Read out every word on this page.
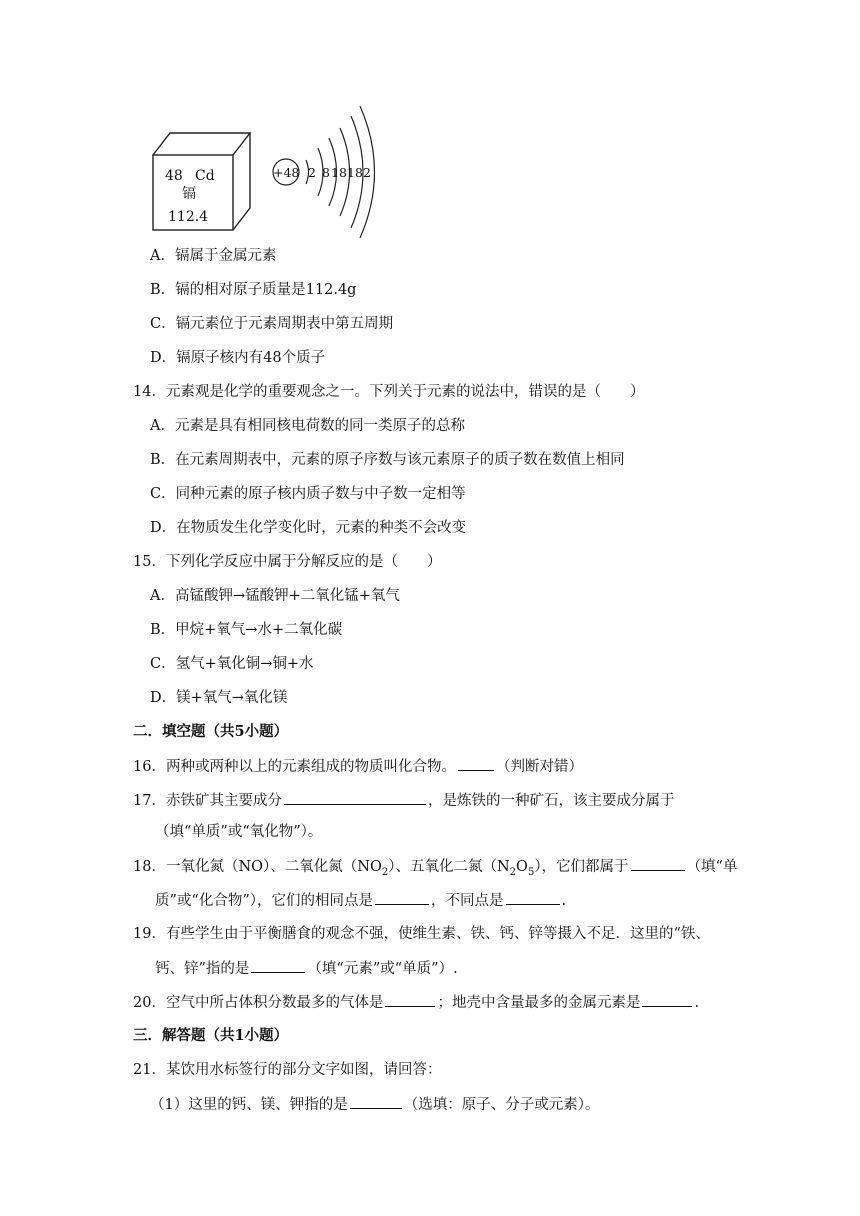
48 Cd
镉
112.4
+48 2 8 18 18 2
A．镉属于金属元素
B．镉的相对原子质量是112.4g
C．镉元素位于元素周期表中第五周期
D．镉原子核内有48个质子
14．元素观是化学的重要观念之一。下列关于元素的说法中，错误的是（　　）
A．元素是具有相同核电荷数的同一类原子的总称
B．在元素周期表中，元素的原子序数与该元素原子的质子数在数值上相同
C．同种元素的原子核内质子数与中子数一定相等
D．在物质发生化学变化时，元素的种类不会改变
15．下列化学反应中属于分解反应的是（　　）
A．高锰酸钾→锰酸钾+二氧化锰+氧气
B．甲烷+氧气→水+二氧化碳
C．氢气+氧化铜→铜+水
D．镁+氧气→氧化镁
二．填空题（共5小题）
16．两种或两种以上的元素组成的物质叫化合物。	（判断对错）
17．赤铁矿其主要成分	，是炼铁的一种矿石，该主要成分属于
（填“单质”或“氧化物”）。
18．一氧化氮（NO）、二氧化氮$(NO_2)$、五氧化二氮$(N_2O_5)$，它们都属于	（填“单
质”或“化合物”），它们的相同点是	，不同点是	.
19．有些学生由于平衡膳食的观念不强，使维生素、铁、钙、锌等摄入不足．这里的“铁、
钙、锌”指的是	（填“元素”或“单质”）.
20．空气中所占体积分数最多的气体是	；地壳中含量最多的金属元素是	.
三．解答题（共1小题）
21．某饮用水标签行的部分文字如图，请回答：
（1）这里的钙、镁、钾指的是	（选填：原子、分子或元素）。
